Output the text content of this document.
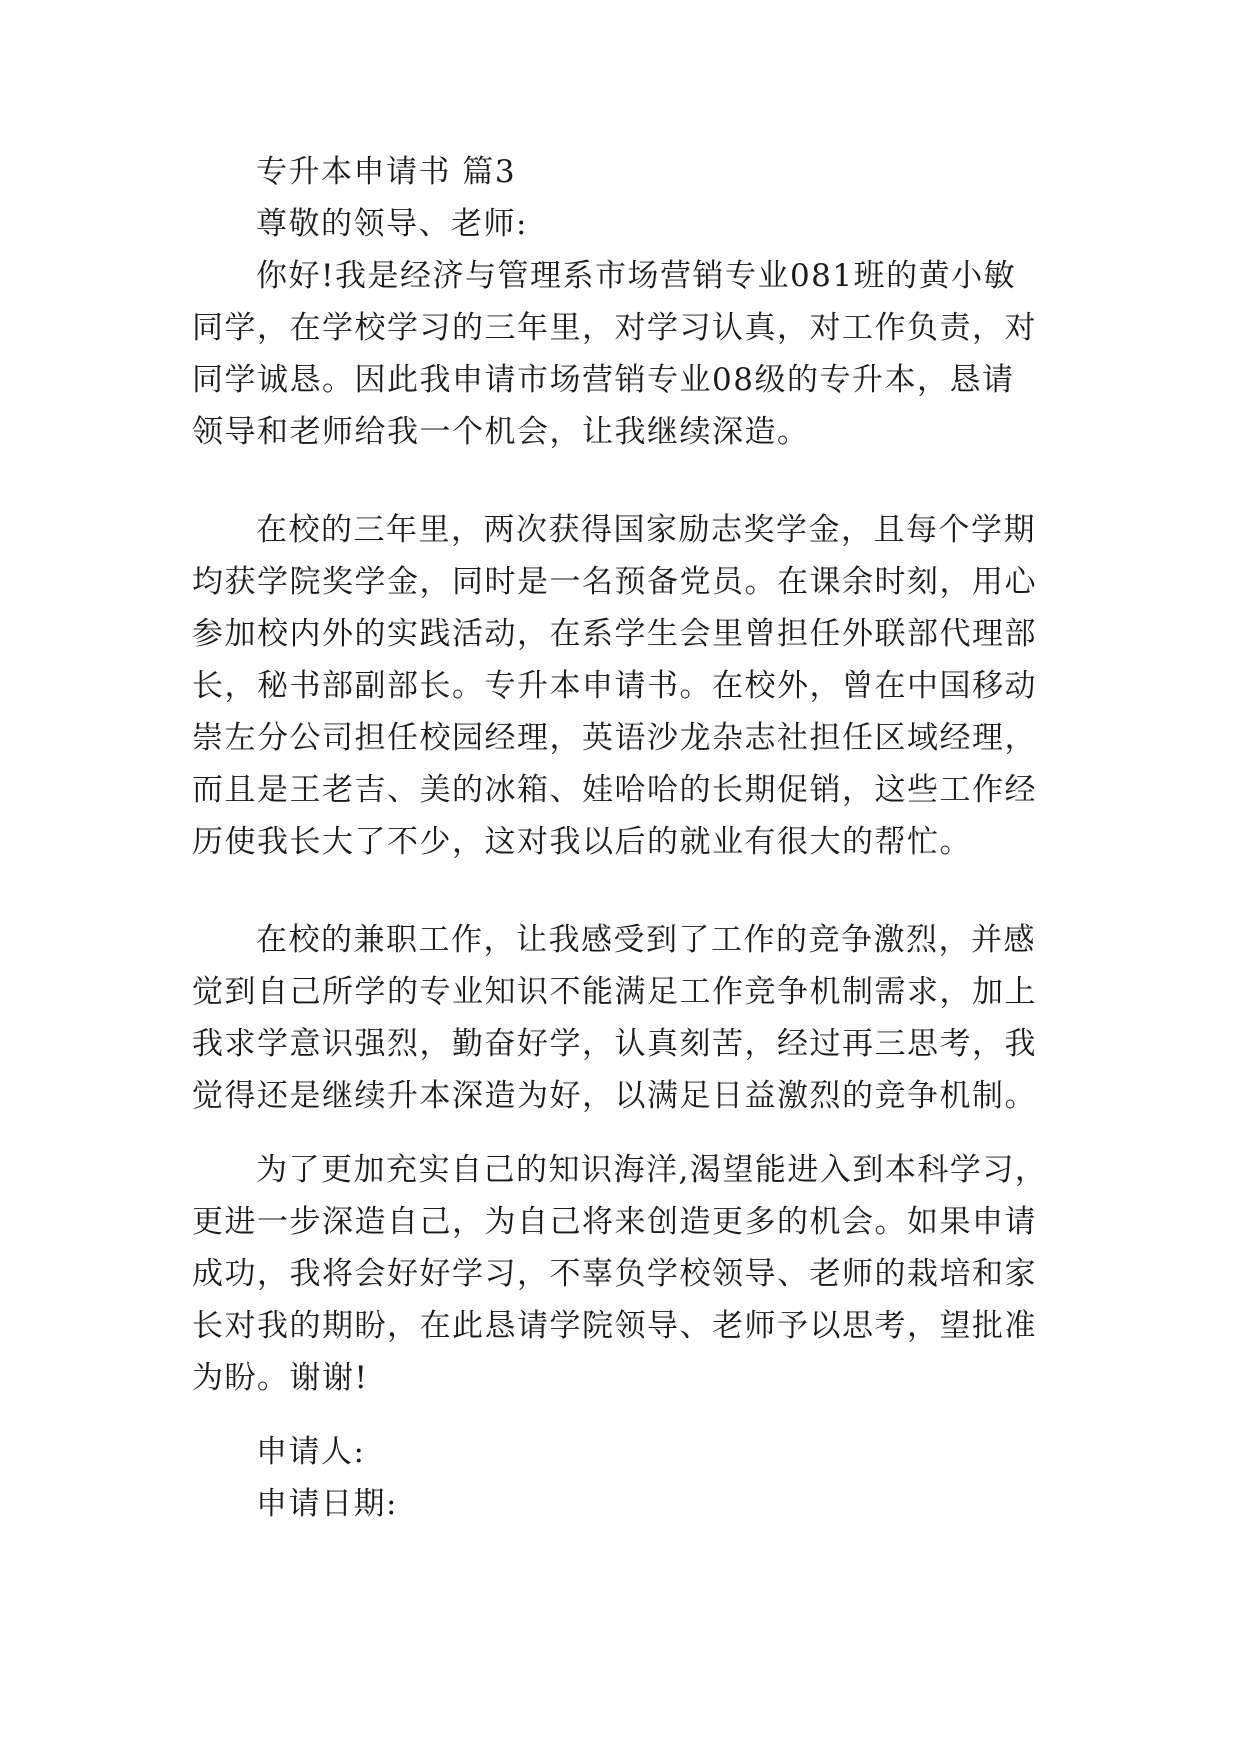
专升本申请书 篇3
尊敬的领导、老师:
你好!我是经济与管理系市场营销专业081班的黄小敏
同学，在学校学习的三年里，对学习认真，对工作负责，对
同学诚恳。因此我申请市场营销专业08级的专升本，恳请
领导和老师给我一个机会，让我继续深造。
在校的三年里，两次获得国家励志奖学金，且每个学期
均获学院奖学金，同时是一名预备党员。在课余时刻，用心
参加校内外的实践活动，在系学生会里曾担任外联部代理部
长，秘书部副部长。专升本申请书。在校外，曾在中国移动
崇左分公司担任校园经理，英语沙龙杂志社担任区域经理，
而且是王老吉、美的冰箱、娃哈哈的长期促销，这些工作经
历使我长大了不少，这对我以后的就业有很大的帮忙。
在校的兼职工作，让我感受到了工作的竞争激烈，并感
觉到自己所学的专业知识不能满足工作竞争机制需求，加上
我求学意识强烈，勤奋好学，认真刻苦，经过再三思考，我
觉得还是继续升本深造为好，以满足日益激烈的竞争机制。
为了更加充实自己的知识海洋,渴望能进入到本科学习，
更进一步深造自己，为自己将来创造更多的机会。如果申请
成功，我将会好好学习，不辜负学校领导、老师的栽培和家
长对我的期盼，在此恳请学院领导、老师予以思考，望批准
为盼。谢谢!
申请人:
申请日期:
